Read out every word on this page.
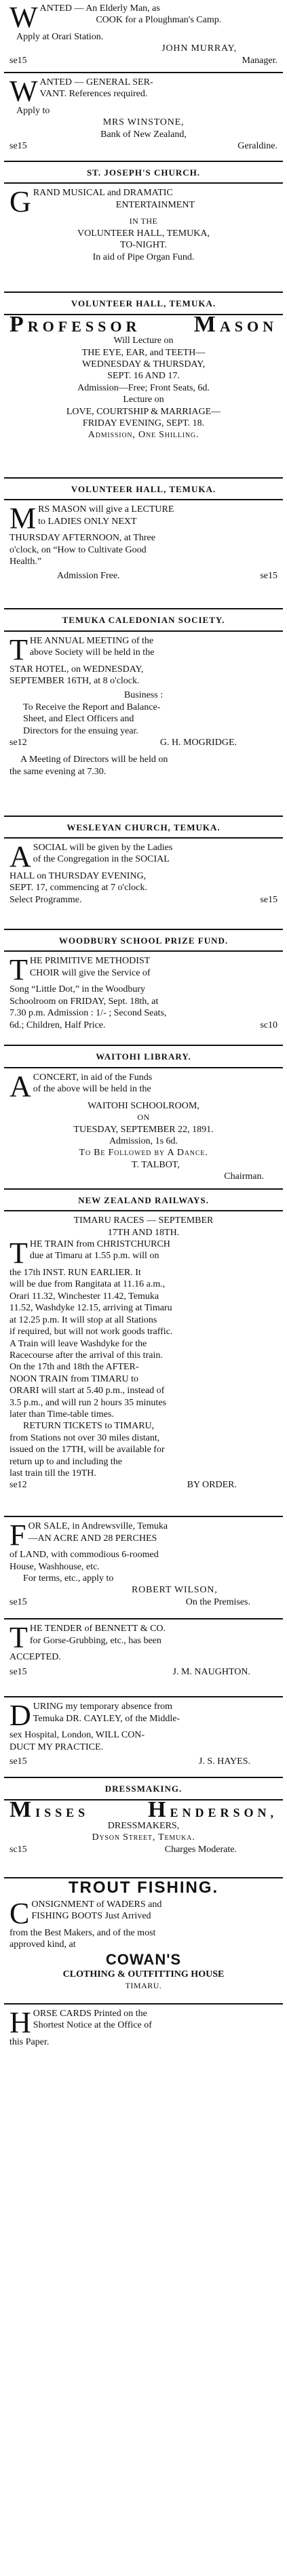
W ANTED — An Elderly Man, as
COOK for a Ploughman's Camp.
Apply at Orari Station.
JOHN MURRAY,
se15	Manager.
W ANTED — GENERAL SER-
VANT. References required.
Apply to
MRS WINSTONE,
Bank of New Zealand,
se15	Geraldine.
ST. JOSEPH'S CHURCH.
G RAND MUSICAL and DRAMATIC
ENTERTAINMENT
IN THE
VOLUNTEER HALL, TEMUKA,
TO-NIGHT.
In aid of Pipe Organ Fund.
VOLUNTEER HALL, TEMUKA.
PROFESSOR MASON
Will Lecture on
THE EYE, EAR, and TEETH—
WEDNESDAY & THURSDAY,
SEPT. 16 AND 17.
Admission—Free; Front Seats, 6d.
Lecture on
LOVE, COURTSHIP & MARRIAGE—
FRIDAY EVENING, SEPT. 18.
Admission, One Shilling.
VOLUNTEER HALL, TEMUKA.
M RS MASON will give a LECTURE
to LADIES ONLY NEXT
THURSDAY AFTERNOON, at Three
o'clock, on “How to Cultivate Good
Health.”
Admission Free.	se15
TEMUKA CALEDONIAN SOCIETY.
T HE ANNUAL MEETING of the
above Society will be held in the
STAR HOTEL, on WEDNESDAY,
SEPTEMBER 16TH, at 8 o'clock.
Business :
To Receive the Report and Balance-
Sheet, and Elect Officers and
Directors for the ensuing year.
se12	G. H. MOGRIDGE.
A Meeting of Directors will be held on
the same evening at 7.30.
WESLEYAN CHURCH, TEMUKA.
A SOCIAL will be given by the Ladies
of the Congregation in the SOCIAL
HALL on THURSDAY EVENING,
SEPT. 17, commencing at 7 o'clock.
Select Programme.	se15
WOODBURY SCHOOL PRIZE FUND.
T HE PRIMITIVE METHODIST
CHOIR will give the Service of
Song “Little Dot,” in the Woodbury
Schoolroom on FRIDAY, Sept. 18th, at
7.30 p.m. Admission : 1/- ; Second Seats,
6d.; Children, Half Price.	sc10
WAITOHI LIBRARY.
A CONCERT, in aid of the Funds
of the above will be held in the
WAITOHI SCHOOLROOM,
ON
TUESDAY, SEPTEMBER 22, 1891.
Admission, 1s 6d.
To Be Followed by A Dance.
T. TALBOT,
Chairman.
NEW ZEALAND RAILWAYS.
TIMARU RACES — SEPTEMBER
17TH AND 18TH.
T HE TRAIN from CHRISTCHURCH
due at Timaru at 1.55 p.m. will on
the 17th INST. RUN EARLIER. It
will be due from Rangitata at 11.16 a.m.,
Orari 11.32, Winchester 11.42, Temuka
11.52, Washdyke 12.15, arriving at Timaru
at 12.25 p.m. It will stop at all Stations
if required, but will not work goods traffic.
A Train will leave Washdyke for the
Racecourse after the arrival of this train.
On the 17th and 18th the AFTER-
NOON TRAIN from TIMARU to
ORARI will start at 5.40 p.m., instead of
3.5 p.m., and will run 2 hours 35 minutes
later than Time-table times.
RETURN TICKETS to TIMARU,
from Stations not over 30 miles distant,
issued on the 17TH, will be available for
return up to and including the
last train till the 19TH.
se12	BY ORDER.
F OR SALE, in Andrewsville, Temuka
—AN ACRE AND 28 PERCHES
of LAND, with commodious 6-roomed
House, Washhouse, etc.
For terms, etc., apply to
ROBERT WILSON,
se15	On the Premises.
T HE TENDER of BENNETT & CO.
for Gorse-Grubbing, etc., has been
ACCEPTED.
se15	J. M. NAUGHTON.
D URING my temporary absence from
Temuka DR. CAYLEY, of the Middle-
sex Hospital, London, WILL CON-
DUCT MY PRACTICE.
se15	J. S. HAYES.
DRESSMAKING.
MISSES	HENDERSON,
DRESSMAKERS,
Dyson Street, Temuka.
sc15	Charges Moderate.
TROUT FISHING.
C ONSIGNMENT of WADERS and
FISHING BOOTS Just Arrived
from the Best Makers, and of the most
approved kind, at
COWAN'S
CLOTHING & OUTFITTING HOUSE
TIMARU.
H ORSE CARDS Printed on the
Shortest Notice at the Office of
this Paper.
